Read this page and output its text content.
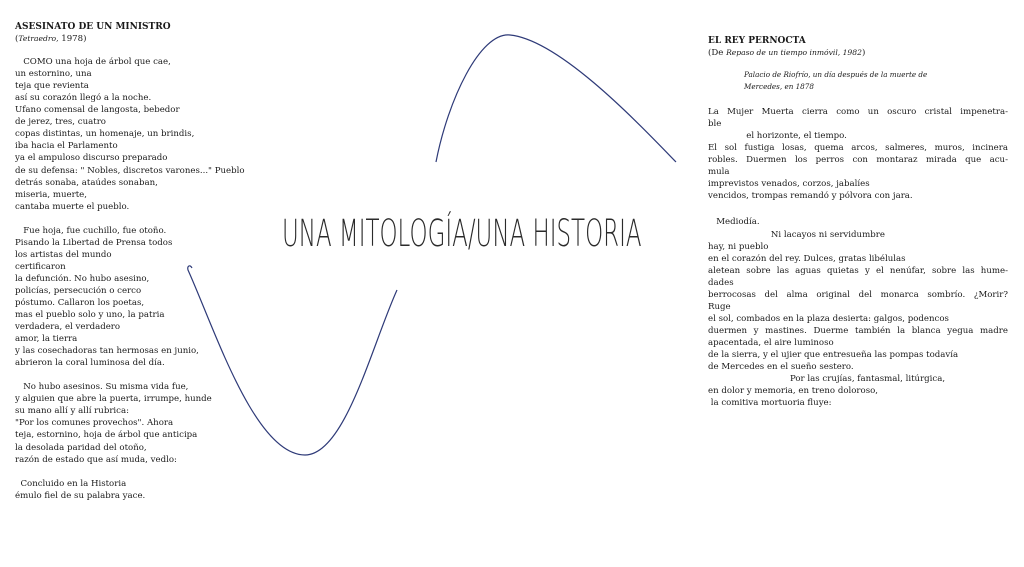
ASESINATO DE UN MINISTRO
(Tetraedro, 1978)
COMO una hoja de árbol que cae,
un estornino, una
teja que revienta
así su corazón llegó a la noche.
Ufano comensal de langosta, bebedor
de jerez, tres, cuatro
copas distintas, un homenaje, un brindis,
iba hacia el Parlamento
ya el ampuloso discurso preparado
de su defensa: " Nobles, discretos varones..." Pueblo
detrás sonaba, ataúdes sonaban,
miseria, muerte,
cantaba muerte el pueblo.
Fue hoja, fue cuchillo, fue otoño.
Pisando la Libertad de Prensa todos
los artistas del mundo
certificaron
la defunción. No hubo asesino,
policías, persecución o cerco
póstumo. Callaron los poetas,
mas el pueblo solo y uno, la patria
verdadera, el verdadero
amor, la tierra
y las cosechadoras tan hermosas en junio,
abrieron la coral luminosa del día.
No hubo asesinos. Su misma vida fue,
y alguien que abre la puerta, irrumpe, hunde
su mano allí y allí rubrica:
"Por los comunes provechos". Ahora
teja, estornino, hoja de árbol que anticipa
la desolada paridad del otoño,
razón de estado que así muda, vedlo:
Concluido en la Historia
émulo fiel de su palabra yace.
UNA MITOLOGÍA/UNA HISTORIA
EL REY PERNOCTA
(De Repaso de un tiempo inmóvil, 1982)
Palacio de Riofrío, un día después de la muerte de
Mercedes, en 1878
La Mujer Muerta cierra como un oscuro cristal impenetra-
ble
el horizonte, el tiempo.
El sol fustiga losas, quema arcos, salmeres, muros, incinera
robles. Duermen los perros con montaraz mirada que acu-
mula
imprevistos venados, corzos, jabalíes
vencidos, trompas remandó y pólvora con jara.
Mediodía.
Ni lacayos ni servidumbre
hay, ni pueblo
en el corazón del rey. Dulces, gratas libélulas
aletean sobre las aguas quietas y el nenúfar, sobre las hume-
dades
berrocosas del alma original del monarca sombrío. ¿Morir?
Ruge
el sol, combados en la plaza desierta: galgos, podencos
duermen y mastines. Duerme también la blanca yegua madre
apacentada, el aire luminoso
de la sierra, y el ujier que entresueña las pompas todavía
de Mercedes en el sueño sestero.
Por las crujías, fantasmal, litúrgica,
en dolor y memoria, en treno doloroso,
la comitiva mortuoria fluye:
